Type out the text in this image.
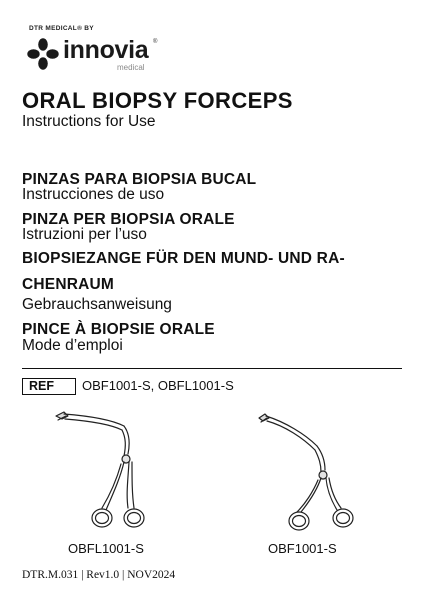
DTR MEDICAL® BY
innovia ®
medical
ORAL BIOPSY FORCEPS
Instructions for Use
PINZAS PARA BIOPSIA BUCAL
Instrucciones de uso
PINZA PER BIOPSIA ORALE
Istruzioni per l’uso
BIOPSIEZANGE FÜR DEN MUND- UND RA-
CHENRAUM
Gebrauchsanweisung
PINCE À BIOPSIE ORALE
Mode d’emploi
REF OBF1001-S, OBFL1001-S
OBFL1001-S	OBF1001-S
DTR.M.031 | Rev1.0 | NOV2024
